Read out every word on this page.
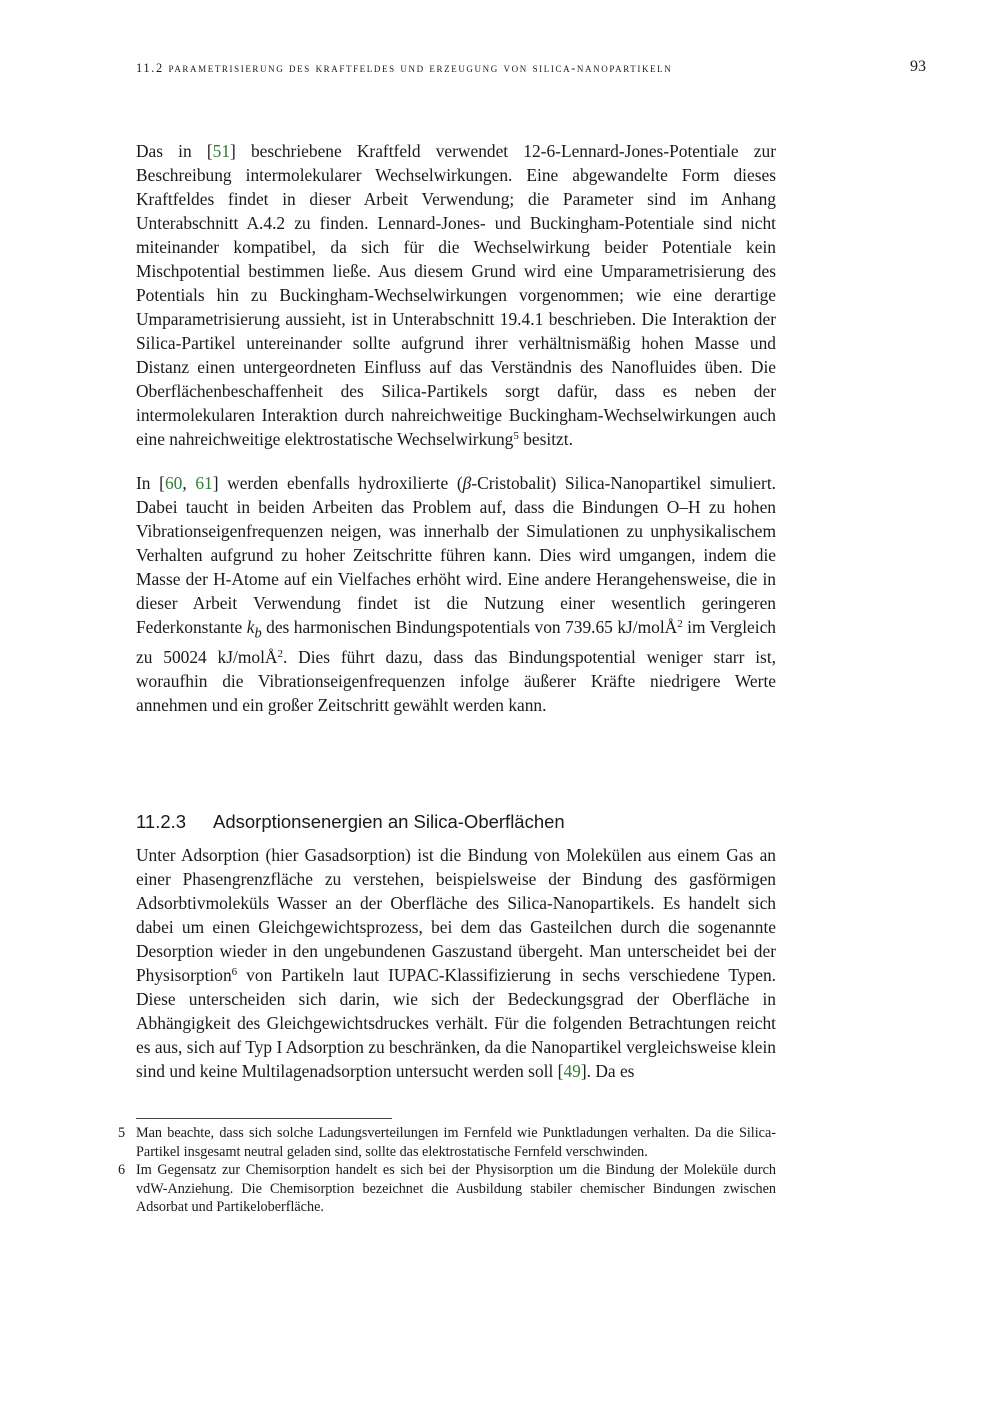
11.2 parametrisierung des kraftfeldes und erzeugung von silica-nanopartikeln	93

Das in [51] beschriebene Kraftfeld verwendet 12-6-Lennard-Jones-Potentiale zur Beschreibung intermolekularer Wechselwirkungen. Eine abgewandelte Form dieses Kraftfeldes findet in dieser Arbeit Verwendung; die Parameter sind im Anhang Unterabschnitt A.4.2 zu finden. Lennard-Jones- und Buckingham-Potentiale sind nicht miteinander kompatibel, da sich für die Wechselwirkung beider Potentiale kein Mischpotential bestimmen ließe. Aus diesem Grund wird eine Umparametrisierung des Potentials hin zu Buckingham-Wechselwirkungen vorgenommen; wie eine derartige Umparametrisierung aussieht, ist in Unterabschnitt 19.4.1 beschrieben. Die Interaktion der Silica-Partikel untereinander sollte aufgrund ihrer verhältnismäßig hohen Masse und Distanz einen untergeordneten Einfluss auf das Verständnis des Nanofluides üben. Die Oberflächenbeschaffenheit des Silica-Partikels sorgt dafür, dass es neben der intermolekularen Interaktion durch nahreichweitige Buckingham-Wechselwirkungen auch eine nahreichweitige elektrostatische Wechselwirkung$^5$ besitzt.

In [60, 61] werden ebenfalls hydroxilierte (β-Cristobalit) Silica-Nanopartikel simuliert. Dabei taucht in beiden Arbeiten das Problem auf, dass die Bindungen O–H zu hohen Vibrationseigenfrequenzen neigen, was innerhalb der Simulationen zu unphysikalischem Verhalten aufgrund zu hoher Zeitschritte führen kann. Dies wird umgangen, indem die Masse der H-Atome auf ein Vielfaches erhöht wird. Eine andere Herangehensweise, die in dieser Arbeit Verwendung findet ist die Nutzung einer wesentlich geringeren Federkonstante $k_b$ des harmonischen Bindungspotentials von 739.65 kJ/molÅ$^2$ im Vergleich zu 50024 kJ/molÅ$^2$. Dies führt dazu, dass das Bindungspotential weniger starr ist, woraufhin die Vibrationseigenfrequenzen infolge äußerer Kräfte niedrigere Werte annehmen und ein großer Zeitschritt gewählt werden kann.

11.2.3 Adsorptionsenergien an Silica-Oberflächen

Unter Adsorption (hier Gasadsorption) ist die Bindung von Molekülen aus einem Gas an einer Phasengrenzfläche zu verstehen, beispielsweise der Bindung des gasförmigen Adsorbtivmoleküls Wasser an der Oberfläche des Silica-Nanopartikels. Es handelt sich dabei um einen Gleichgewichtsprozess, bei dem das Gasteilchen durch die sogenannte Desorption wieder in den ungebundenen Gaszustand übergeht. Man unterscheidet bei der Physisorption$^6$ von Partikeln laut IUPAC-Klassifizierung in sechs verschiedene Typen. Diese unterscheiden sich darin, wie sich der Bedeckungsgrad der Oberfläche in Abhängigkeit des Gleichgewichtsdruckes verhält. Für die folgenden Betrachtungen reicht es aus, sich auf Typ I Adsorption zu beschränken, da die Nanopartikel vergleichsweise klein sind und keine Multilagenadsorption untersucht werden soll [49]. Da es

5 Man beachte, dass sich solche Ladungsverteilungen im Fernfeld wie Punktladungen verhalten. Da die Silica-Partikel insgesamt neutral geladen sind, sollte das elektrostatische Fernfeld verschwinden.
6 Im Gegensatz zur Chemisorption handelt es sich bei der Physisorption um die Bindung der Moleküle durch vdW-Anziehung. Die Chemisorption bezeichnet die Ausbildung stabiler chemischer Bindungen zwischen Adsorbat und Partikeloberfläche.
